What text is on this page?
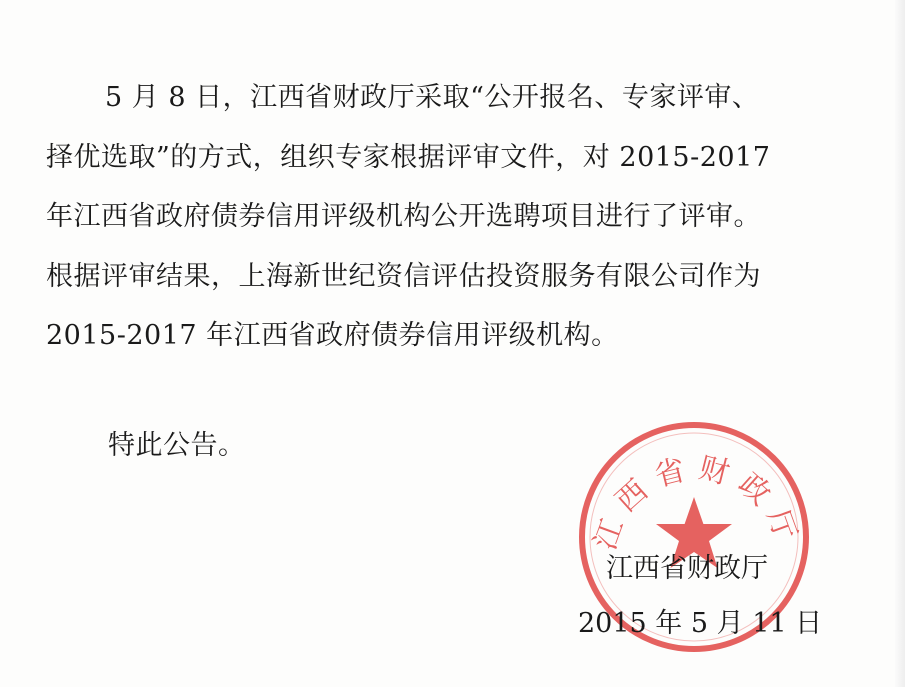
5 月 8 日，江西省财政厅采取“公开报名、专家评审、
择优选取”的方式，组织专家根据评审文件，对 2015-2017
年江西省政府债券信用评级机构公开选聘项目进行了评审。
根据评审结果，上海新世纪资信评估投资服务有限公司作为
2015-2017 年江西省政府债券信用评级机构。
特此公告。
江西省财政厅
江西省财政厅
2015 年 5 月 11 日
